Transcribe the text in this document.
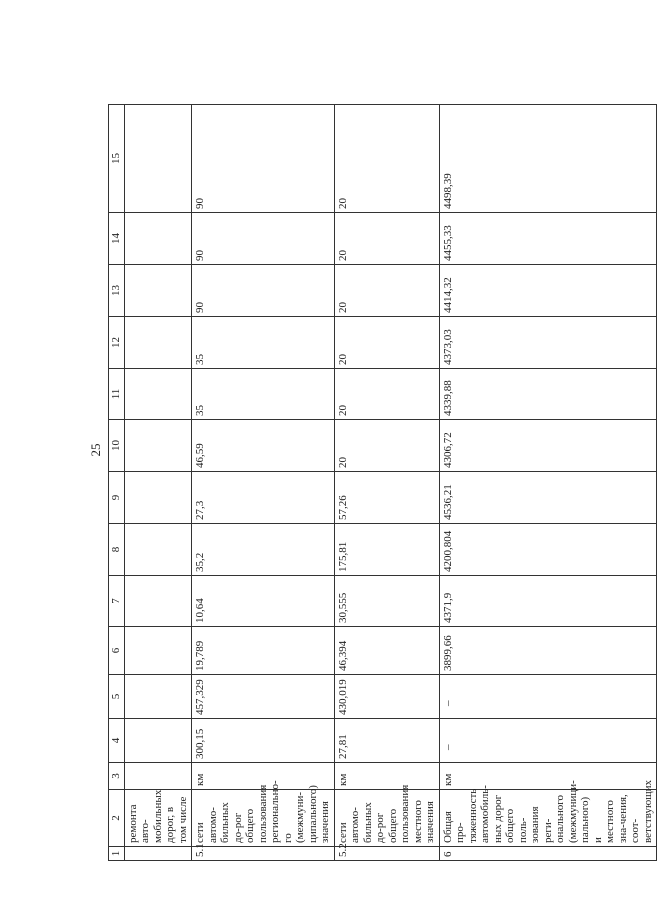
25
1	2	3	4	5	6	7	8	9	10	11	12	13	14	15
	ремонта авто-мобильных дорог, в том числе													
5.1	сети автомо-бильных до-рог общего пользования регионально-го (межмуни-ципального) значения	км	300,15	457,329	19,789	10,64	35,2	27,3	46,59	35	35	90	90	90
5.2	сети автомо-бильных до-рог общего пользования местного значения	км	27,81	430,019	46,394	30,555	175,81	57,26	20	20	20	20	20	20
6	Общая про-тяженность автомобиль-ных дорог общего поль-зования реги-онального (межмуници-пального) и местного зна-чения, соот-ветствующих	км	–	–	3899,66	4371,9	4200,804	4536,21	4306,72	4339,88	4373,03	4414,32	4455,33	4498,39
